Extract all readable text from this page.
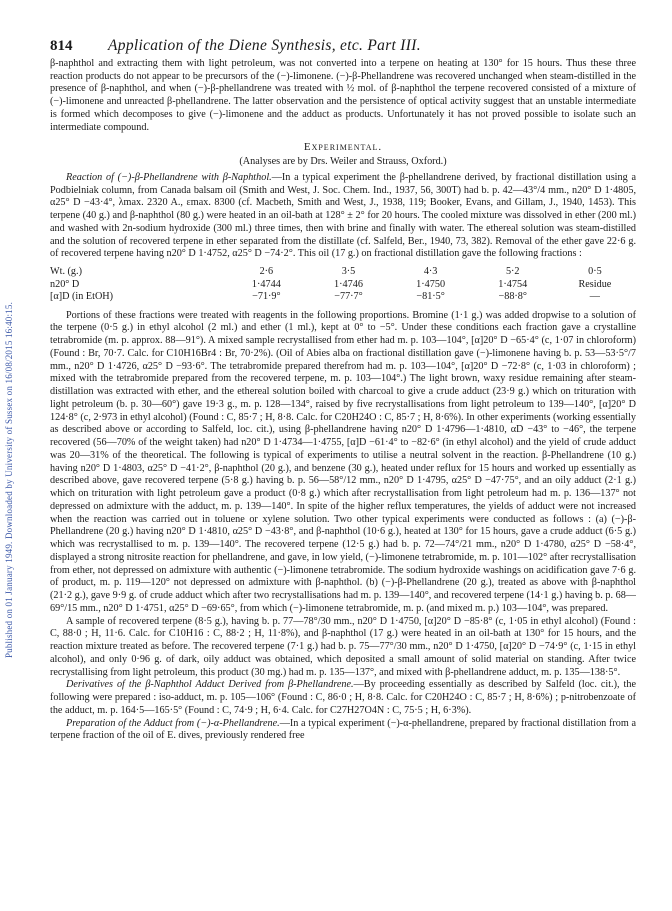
Published on 01 January 1949. Downloaded by University of Sussex on 16/08/2015 16:40:15.
814	Application of the Diene Synthesis, etc. Part III.

β-naphthol and extracting them with light petroleum, was not converted into a terpene on heating at 130° for 15 hours. Thus these three reaction products do not appear to be precursors of the (−)-limonene. (−)-β-Phellandrene was recovered unchanged when steam-distilled in the presence of β-naphthol, and when (−)-β-phellandrene was treated with ½ mol. of β-naphthol the terpene recovered consisted of a mixture of (−)-limonene and unreacted β-phellandrene. The latter observation and the persistence of optical activity suggest that an unstable intermediate is formed which decomposes to give (−)-limonene and the adduct as products. Unfortunately it has not proved possible to isolate such an intermediate compound.

Experimental.
(Analyses are by Drs. Weiler and Strauss, Oxford.)

Reaction of (−)-β-Phellandrene with β-Naphthol.—In a typical experiment the β-phellandrene derived, by fractional distillation using a Podbielniak column, from Canada balsam oil (Smith and West, J. Soc. Chem. Ind., 1937, 56, 300T) had b. p. 42—43°/4 mm., n20° D 1·4805, α25° D −43·4°, λmax. 2320 A., εmax. 8300 (cf. Macbeth, Smith and West, J., 1938, 119; Booker, Evans, and Gillam, J., 1940, 1453). This terpene (40 g.) and β-naphthol (80 g.) were heated in an oil-bath at 128° ± 2° for 20 hours. The cooled mixture was dissolved in ether (200 ml.) and washed with 2n-sodium hydroxide (300 ml.) three times, then with brine and finally with water. The ethereal solution was steam-distilled and the solution of recovered terpene in ether separated from the distillate (cf. Salfeld, Ber., 1940, 73, 382). Removal of the ether gave 22·6 g. of recovered terpene having n20° D 1·4752, α25° D −74·2°. This oil (17 g.) on fractional distillation gave the following fractions :

Wt. (g.)	2·6	3·5	4·3	5·2	0·5
n20° D	1·4744	1·4746	1·4750	1·4754	Residue
[α]D (in EtOH)	−71·9°	−77·7°	−81·5°	−88·8°	—

Portions of these fractions were treated with reagents in the following proportions. Bromine (1·1 g.) was added dropwise to a solution of the terpene (0·5 g.) in ethyl alcohol (2 ml.) and ether (1 ml.), kept at 0° to −5°. Under these conditions each fraction gave a crystalline tetrabromide (m. p. approx. 88—91°). A mixed sample recrystallised from ether had m. p. 103—104°, [α]20° D −65·4° (c, 1·07 in chloroform) (Found : Br, 70·7. Calc. for C10H16Br4 : Br, 70·2%). (Oil of Abies alba on fractional distillation gave (−)-limonene having b. p. 53—53·5°/7 mm., n20° D 1·4726, α25° D −93·6°. The tetrabromide prepared therefrom had m. p. 103—104°, [α]20° D −72·8° (c, 1·03 in chloroform) ; mixed with the tetrabromide prepared from the recovered terpene, m. p. 103—104°.) The light brown, waxy residue remaining after steam-distillation was extracted with ether, and the ethereal solution boiled with charcoal to give a crude adduct (23·9 g.) which on trituration with light petroleum (b. p. 30—60°) gave 19·3 g., m. p. 128—134°, raised by five recrystallisations from light petroleum to 139—140°, [α]20° D 124·8° (c, 2·973 in ethyl alcohol) (Found : C, 85·7 ; H, 8·8. Calc. for C20H24O : C, 85·7 ; H, 8·6%). In other experiments (working essentially as described above or according to Salfeld, loc. cit.), using β-phellandrene having n20° D 1·4796—1·4810, αD −43° to −46°, the terpene recovered (56—70% of the weight taken) had n20° D 1·4734—1·4755, [α]D −61·4° to −82·6° (in ethyl alcohol) and the yield of crude adduct was 20—31% of the theoretical. The following is typical of experiments to utilise a neutral solvent in the reaction. β-Phellandrene (10 g.) having n20° D 1·4803, α25° D −41·2°, β-naphthol (20 g.), and benzene (30 g.), heated under reflux for 15 hours and worked up essentially as described above, gave recovered terpene (5·8 g.) having b. p. 56—58°/12 mm., n20° D 1·4795, α25° D −47·75°, and an oily adduct (2·1 g.) which on trituration with light petroleum gave a product (0·8 g.) which after recrystallisation from light petroleum had m. p. 136—137° not depressed on admixture with the adduct, m. p. 139—140°. In spite of the higher reflux temperatures, the yields of adduct were not increased when the reaction was carried out in toluene or xylene solution. Two other typical experiments were conducted as follows : (a) (−)-β-Phellandrene (20 g.) having n20° D 1·4810, α25° D −43·8°, and β-naphthol (10·6 g.), heated at 130° for 15 hours, gave a crude adduct (6·5 g.) which was recrystallised to m. p. 139—140°. The recovered terpene (12·5 g.) had b. p. 72—74°/21 mm., n20° D 1·4780, α25° D −58·4°, displayed a strong nitrosite reaction for phellandrene, and gave, in low yield, (−)-limonene tetrabromide, m. p. 101—102° after recrystallisation from ether, not depressed on admixture with authentic (−)-limonene tetrabromide. The sodium hydroxide washings on acidification gave 7·6 g. of product, m. p. 119—120° not depressed on admixture with β-naphthol. (b) (−)-β-Phellandrene (20 g.), treated as above with β-naphthol (21·2 g.), gave 9·9 g. of crude adduct which after two recrystallisations had m. p. 139—140°, and recovered terpene (14·1 g.) having b. p. 68—69°/15 mm., n20° D 1·4751, α25° D −69·65°, from which (−)-limonene tetrabromide, m. p. (and mixed m. p.) 103—104°, was prepared.

A sample of recovered terpene (8·5 g.), having b. p. 77—78°/30 mm., n20° D 1·4750, [α]20° D −85·8° (c, 1·05 in ethyl alcohol) (Found : C, 88·0 ; H, 11·6. Calc. for C10H16 : C, 88·2 ; H, 11·8%), and β-naphthol (17 g.) were heated in an oil-bath at 130° for 15 hours, and the reaction mixture treated as before. The recovered terpene (7·1 g.) had b. p. 75—77°/30 mm., n20° D 1·4750, [α]20° D −74·9° (c, 1·15 in ethyl alcohol), and only 0·96 g. of dark, oily adduct was obtained, which deposited a small amount of solid material on standing. After twice recrystallising from light petroleum, this product (30 mg.) had m. p. 135—137°, and mixed with β-phellandrene adduct, m. p. 135—138·5°.

Derivatives of the β-Naphthol Adduct Derived from β-Phellandrene.—By proceeding essentially as described by Salfeld (loc. cit.), the following were prepared : iso-adduct, m. p. 105—106° (Found : C, 86·0 ; H, 8·8. Calc. for C20H24O : C, 85·7 ; H, 8·6%) ; p-nitrobenzoate of the adduct, m. p. 164·5—165·5° (Found : C, 74·9 ; H, 6·4. Calc. for C27H27O4N : C, 75·5 ; H, 6·3%).

Preparation of the Adduct from (−)-α-Phellandrene.—In a typical experiment (−)-α-phellandrene, prepared by fractional distillation from a terpene fraction of the oil of E. dives, previously rendered free
